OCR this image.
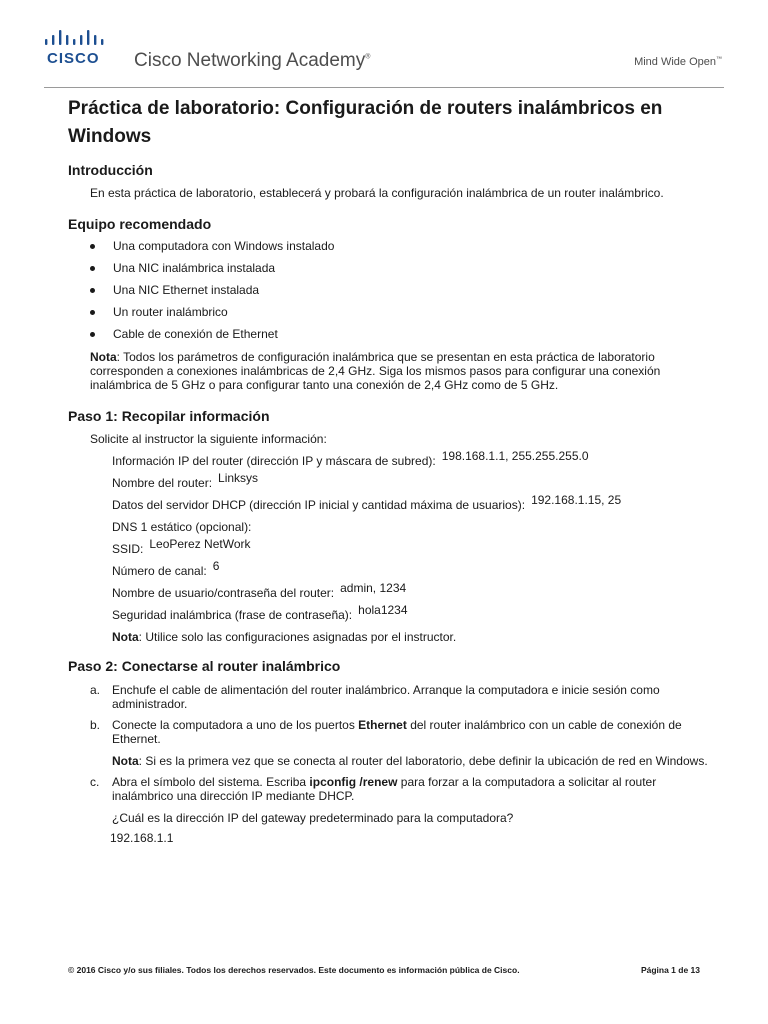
CISCO Cisco Networking Academy®	Mind Wide Open™
Práctica de laboratorio: Configuración de routers inalámbricos en Windows
Introducción

En esta práctica de laboratorio, establecerá y probará la configuración inalámbrica de un router inalámbrico.

Equipo recomendado
Una computadora con Windows instalado
Una NIC inalámbrica instalada
Una NIC Ethernet instalada
Un router inalámbrico
Cable de conexión de Ethernet

Nota: Todos los parámetros de configuración inalámbrica que se presentan en esta práctica de laboratorio corresponden a conexiones inalámbricas de 2,4 GHz. Siga los mismos pasos para configurar una conexión inalámbrica de 5 GHz o para configurar tanto una conexión de 2,4 GHz como de 5 GHz.

Paso 1: Recopilar información

Solicite al instructor la siguiente información:

Información IP del router (dirección IP y máscara de subred): 198.168.1.1, 255.255.255.0
Nombre del router: Linksys
Datos del servidor DHCP (dirección IP inicial y cantidad máxima de usuarios): 192.168.1.15, 25
DNS 1 estático (opcional):
SSID: LeoPerez NetWork
Número de canal: 6
Nombre de usuario/contraseña del router: admin, 1234
Seguridad inalámbrica (frase de contraseña): hola1234

Nota: Utilice solo las configuraciones asignadas por el instructor.

Paso 2: Conectarse al router inalámbrico
a. Enchufe el cable de alimentación del router inalámbrico. Arranque la computadora e inicie sesión como administrador.
b. Conecte la computadora a uno de los puertos Ethernet del router inalámbrico con un cable de conexión de Ethernet.

Nota: Si es la primera vez que se conecta al router del laboratorio, debe definir la ubicación de red en Windows.

c. Abra el símbolo del sistema. Escriba ipconfig /renew para forzar a la computadora a solicitar al router inalámbrico una dirección IP mediante DHCP.

¿Cuál es la dirección IP del gateway predeterminado para la computadora?

192.168.1.1

© 2016 Cisco y/o sus filiales. Todos los derechos reservados. Este documento es información pública de Cisco.	Página 1 de 13
